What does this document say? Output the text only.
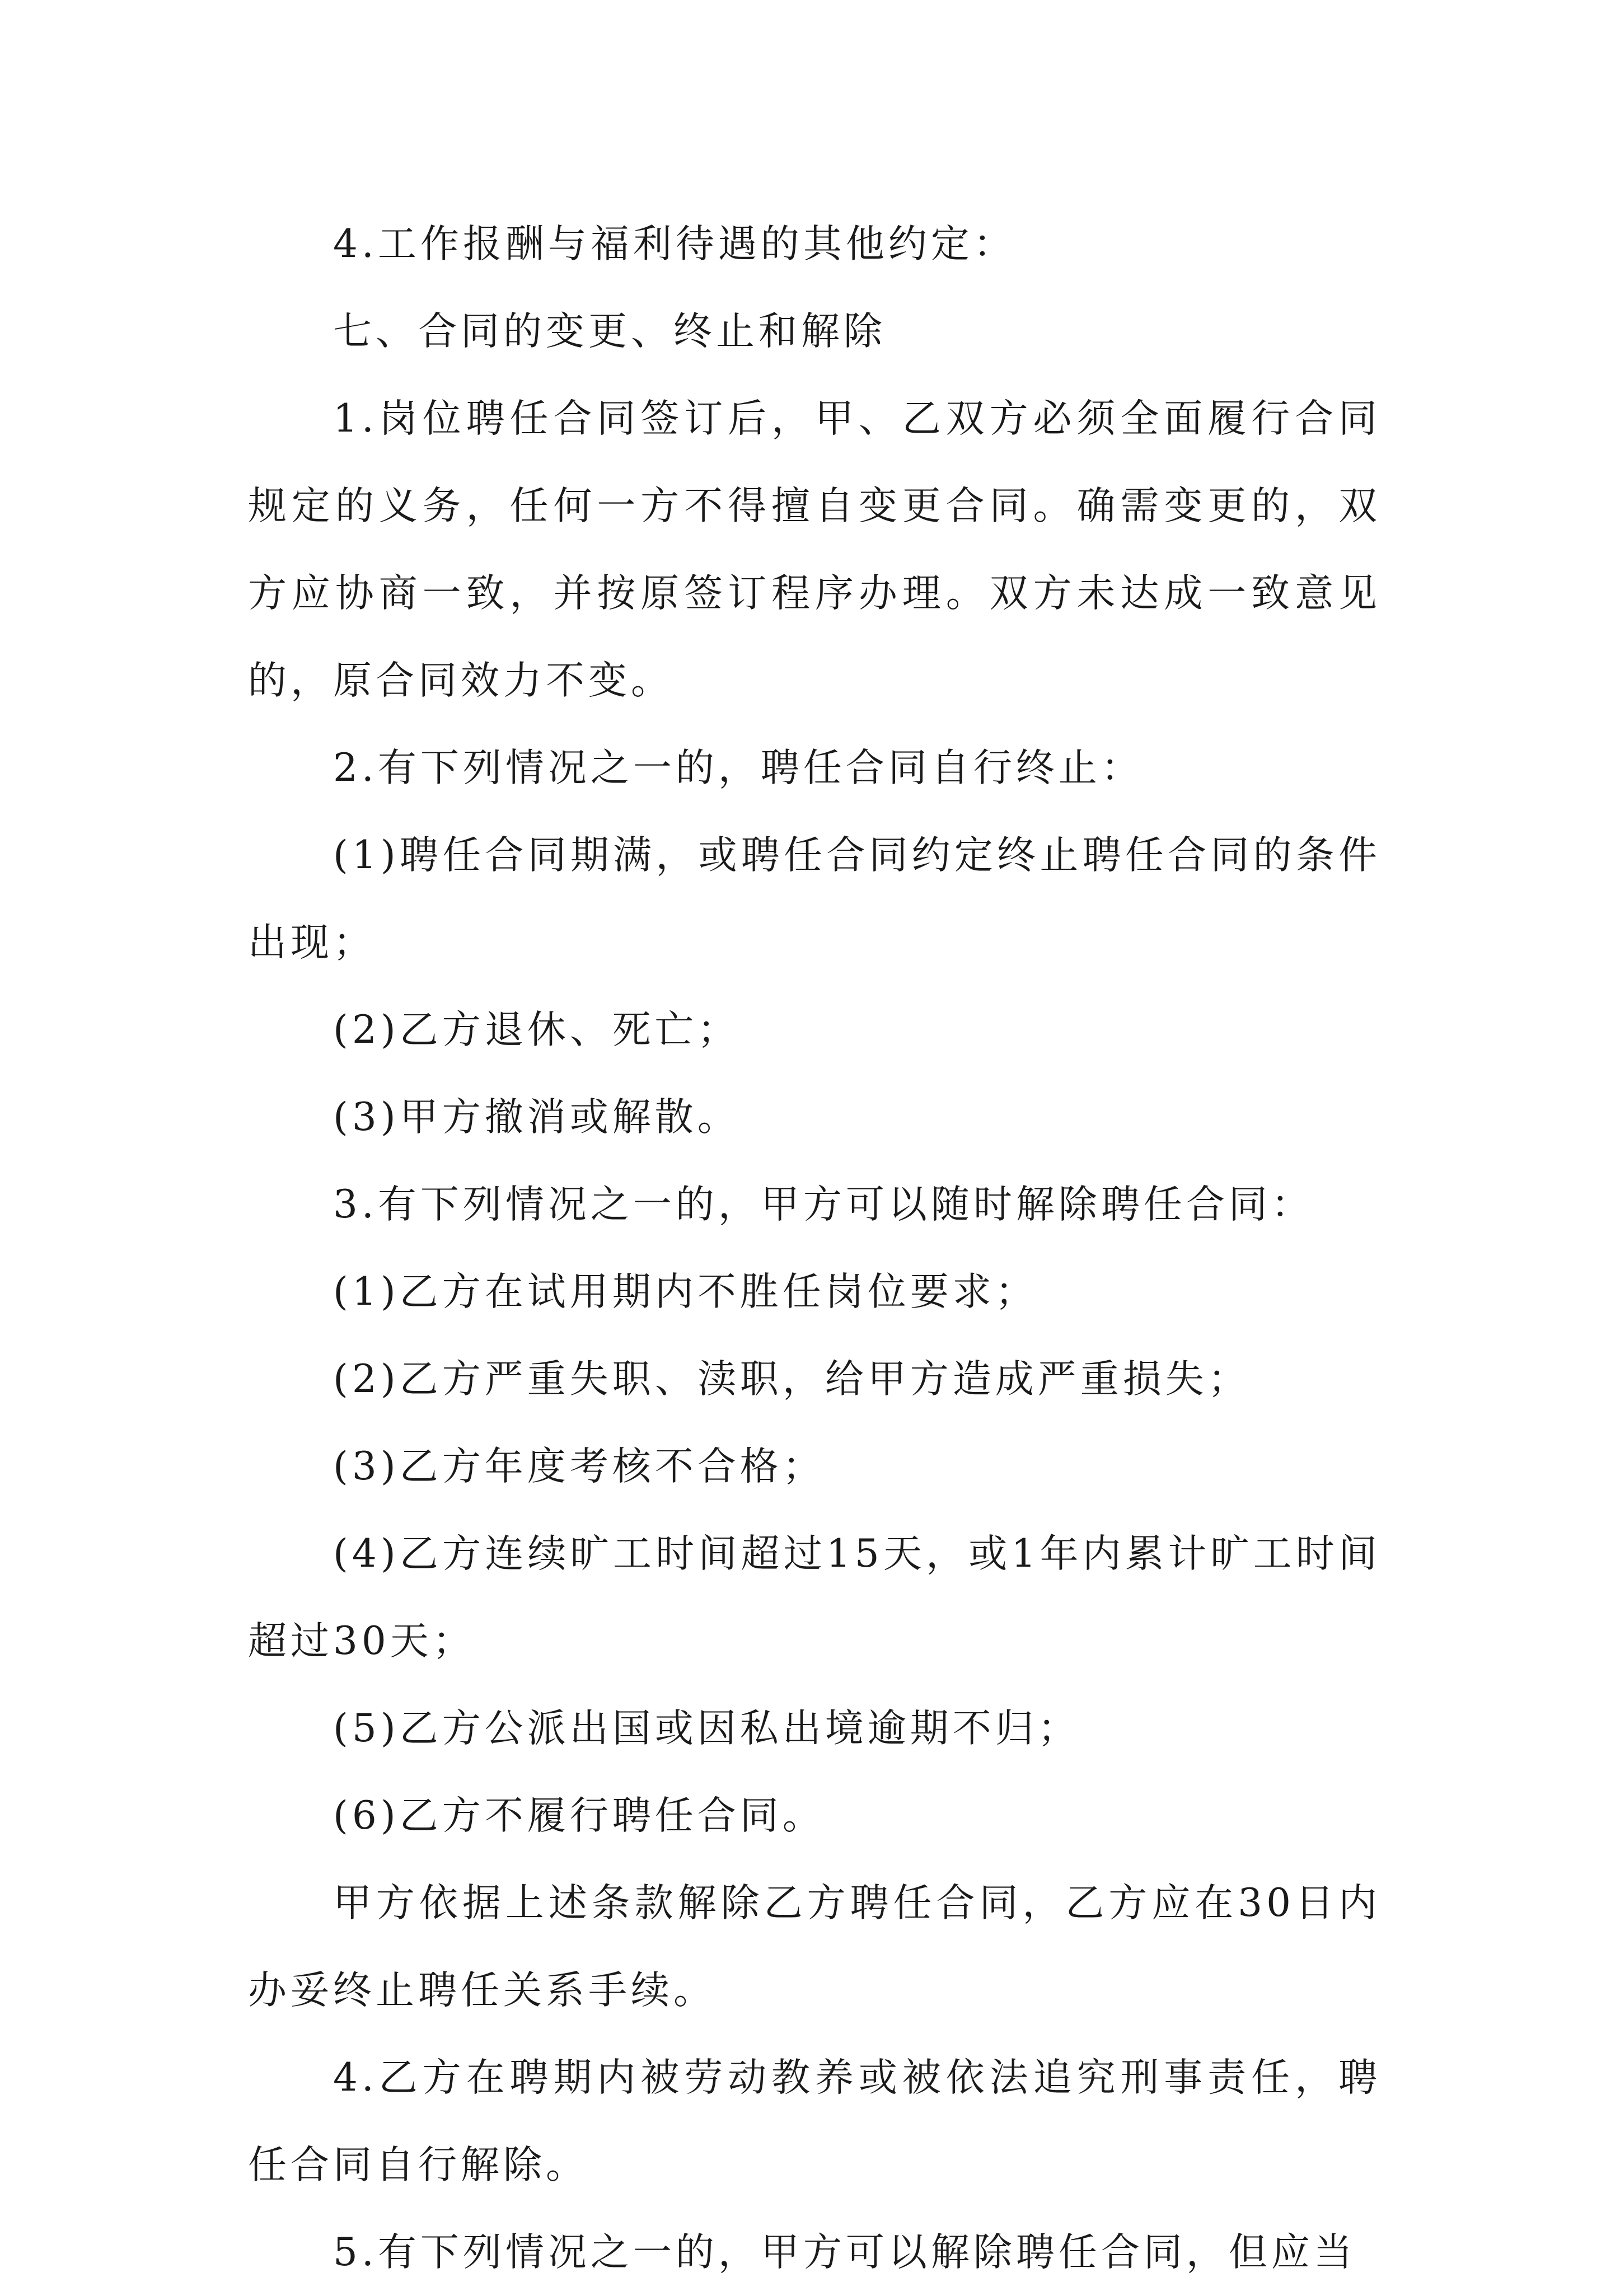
4.工作报酬与福利待遇的其他约定：

七、合同的变更、终止和解除

1.岗位聘任合同签订后，甲、乙双方必须全面履行合同规定的义务，任何一方不得擅自变更合同。确需变更的，双方应协商一致，并按原签订程序办理。双方未达成一致意见的，原合同效力不变。

2.有下列情况之一的，聘任合同自行终止：

(1)聘任合同期满，或聘任合同约定终止聘任合同的条件出现；

(2)乙方退休、死亡；

(3)甲方撤消或解散。

3.有下列情况之一的，甲方可以随时解除聘任合同：

(1)乙方在试用期内不胜任岗位要求；

(2)乙方严重失职、渎职，给甲方造成严重损失；

(3)乙方年度考核不合格；

(4)乙方连续旷工时间超过15天，或1年内累计旷工时间超过30天；

(5)乙方公派出国或因私出境逾期不归；

(6)乙方不履行聘任合同。

甲方依据上述条款解除乙方聘任合同，乙方应在30日内办妥终止聘任关系手续。

4.乙方在聘期内被劳动教养或被依法追究刑事责任，聘任合同自行解除。

5.有下列情况之一的，甲方可以解除聘任合同，但应当
